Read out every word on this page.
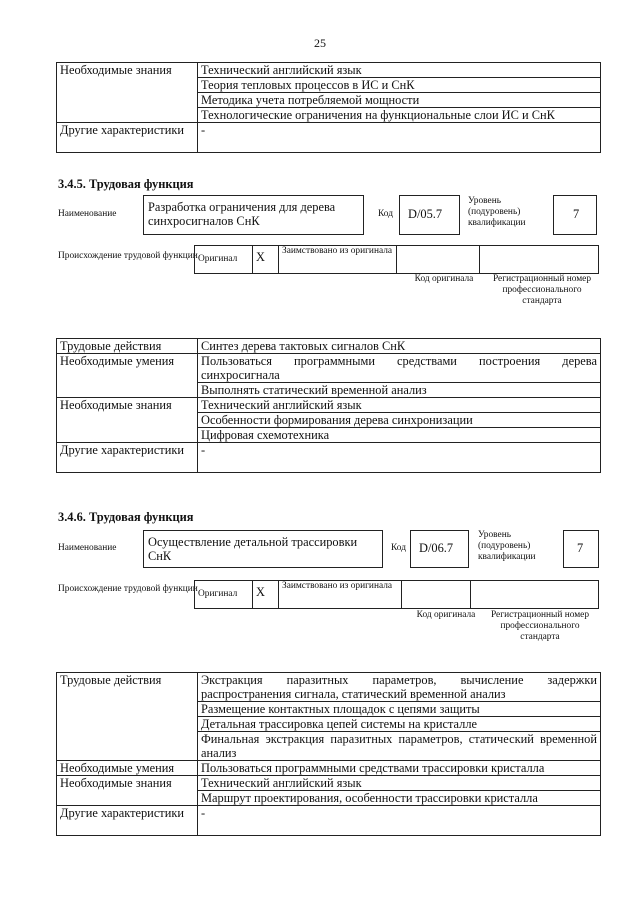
25
Необходимые знания	Технический английский язык
	Теория тепловых процессов в ИС и СнК
	Методика учета потребляемой мощности
	Технологические ограничения на функциональные слои ИС и СнК
Другие характеристики	-
3.4.5. Трудовая функция
Наименование	Разработка ограничения для дерева синхросигналов СнК	Код	D/05.7
Уровень (подуровень) квалификации
7
Происхождение трудовой функции Оригинал	X	Заимствовано из оригинала		
Код оригинала	Регистрационный номер профессионального стандарта
Трудовые действия	Синтез дерева тактовых сигналов СнК
Необходимые умения	Пользоваться программными средствами построения дерева синхросигнала
	Выполнять статический временной анализ
Необходимые знания	Технический английский язык
	Особенности формирования дерева синхронизации
	Цифровая схемотехника
Другие характеристики	-
3.4.6. Трудовая функция
Наименование	Осуществление детальной трассировки СнК
Код	D/06.7
Уровень (подуровень) квалификации
7
Происхождение трудовой функции Оригинал	X	Заимствовано из оригинала		
Код оригинала	Регистрационный номер профессионального стандарта
Трудовые действия	Экстракция паразитных параметров, вычисление задержки распространения сигнала, статический временной анализ
	Размещение контактных площадок с цепями защиты
	Детальная трассировка цепей системы на кристалле
	Финальная экстракция паразитных параметров, статический временной анализ
Необходимые умения	Пользоваться программными средствами трассировки кристалла
Необходимые знания	Технический английский язык
	Маршрут проектирования, особенности трассировки кристалла
Другие характеристики	-
